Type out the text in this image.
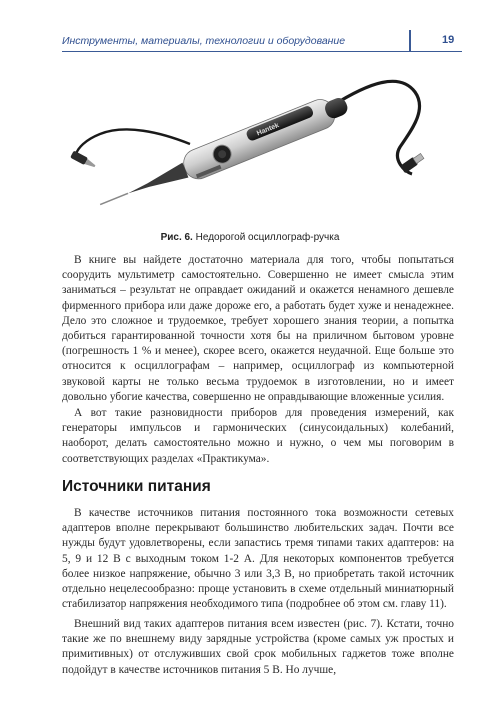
Инструменты, материалы, технологии и оборудование	19
Hantek
Рис. 6. Недорогой осциллограф-ручка

В книге вы найдете достаточно материала для того, чтобы попытаться соорудить мультиметр самостоятельно. Совершенно не имеет смысла этим заниматься – результат не оправдает ожиданий и окажется ненамного дешевле фирменного прибора или даже дороже его, а работать будет хуже и ненадежнее. Дело это сложное и трудоемкое, требует хорошего знания теории, а попытка добиться гарантированной точности хотя бы на приличном бытовом уровне (погрешность 1 % и менее), скорее всего, окажется неудачной. Еще больше это относится к осциллографам – например, осциллограф из компьютерной звуковой карты не только весьма трудоемок в изготовлении, но и имеет довольно убогие качества, совершенно не оправдывающие вложенные усилия.

А вот такие разновидности приборов для проведения измерений, как генераторы импульсов и гармонических (синусоидальных) колебаний, наоборот, делать самостоятельно можно и нужно, о чем мы поговорим в соответствующих разделах «Практикума».

Источники питания

В качестве источников питания постоянного тока возможности сетевых адаптеров вполне перекрывают большинство любительских задач. Почти все нужды будут удовлетворены, если запастись тремя типами таких адаптеров: на 5, 9 и 12 В с выходным током 1-2 А. Для некоторых компонентов требуется более низкое напряжение, обычно 3 или 3,3 В, но приобретать такой источник отдельно нецелесообразно: проще установить в схеме отдельный миниатюрный стабилизатор напряжения необходимого типа (подробнее об этом см. главу 11).

Внешний вид таких адаптеров питания всем известен (рис. 7). Кстати, точно такие же по внешнему виду зарядные устройства (кроме самых уж простых и примитивных) от отслуживших свой срок мобильных гаджетов тоже вполне подойдут в качестве источников питания 5 В. Но лучше,
